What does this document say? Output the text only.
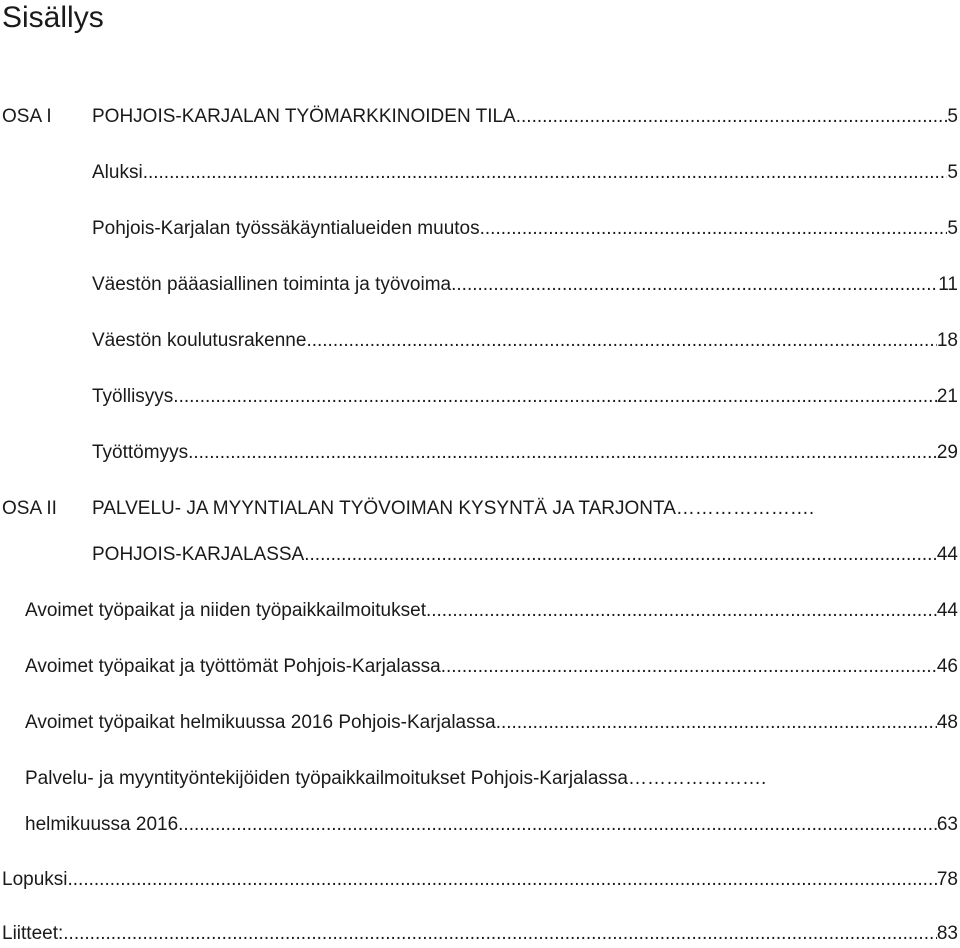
Sisällys
OSA I POHJOIS-KARJALAN TYÖMARKKINOIDEN TILA .....	5
Aluksi .....	5
Pohjois-Karjalan työssäkäyntialueiden muutos .....	5
Väestön pääasiallinen toiminta ja työvoima .....	11
Väestön koulutusrakenne .....	18
Työllisyys .....	21
Työttömyys .....	29
OSA II PALVELU- JA MYYNTIALAN TYÖVOIMAN KYSYNTÄ JA TARJONTA ………………….
POHJOIS-KARJALASSA .....	44
Avoimet työpaikat ja niiden työpaikkailmoitukset .....	44
Avoimet työpaikat ja työttömät Pohjois-Karjalassa .....	46
Avoimet työpaikat helmikuussa 2016 Pohjois-Karjalassa .....	48
Palvelu- ja myyntityöntekijöiden työpaikkailmoitukset Pohjois-Karjalassa ………………….
helmikuussa 2016 .....	63
Lopuksi .....	78
Liitteet: .....	83
